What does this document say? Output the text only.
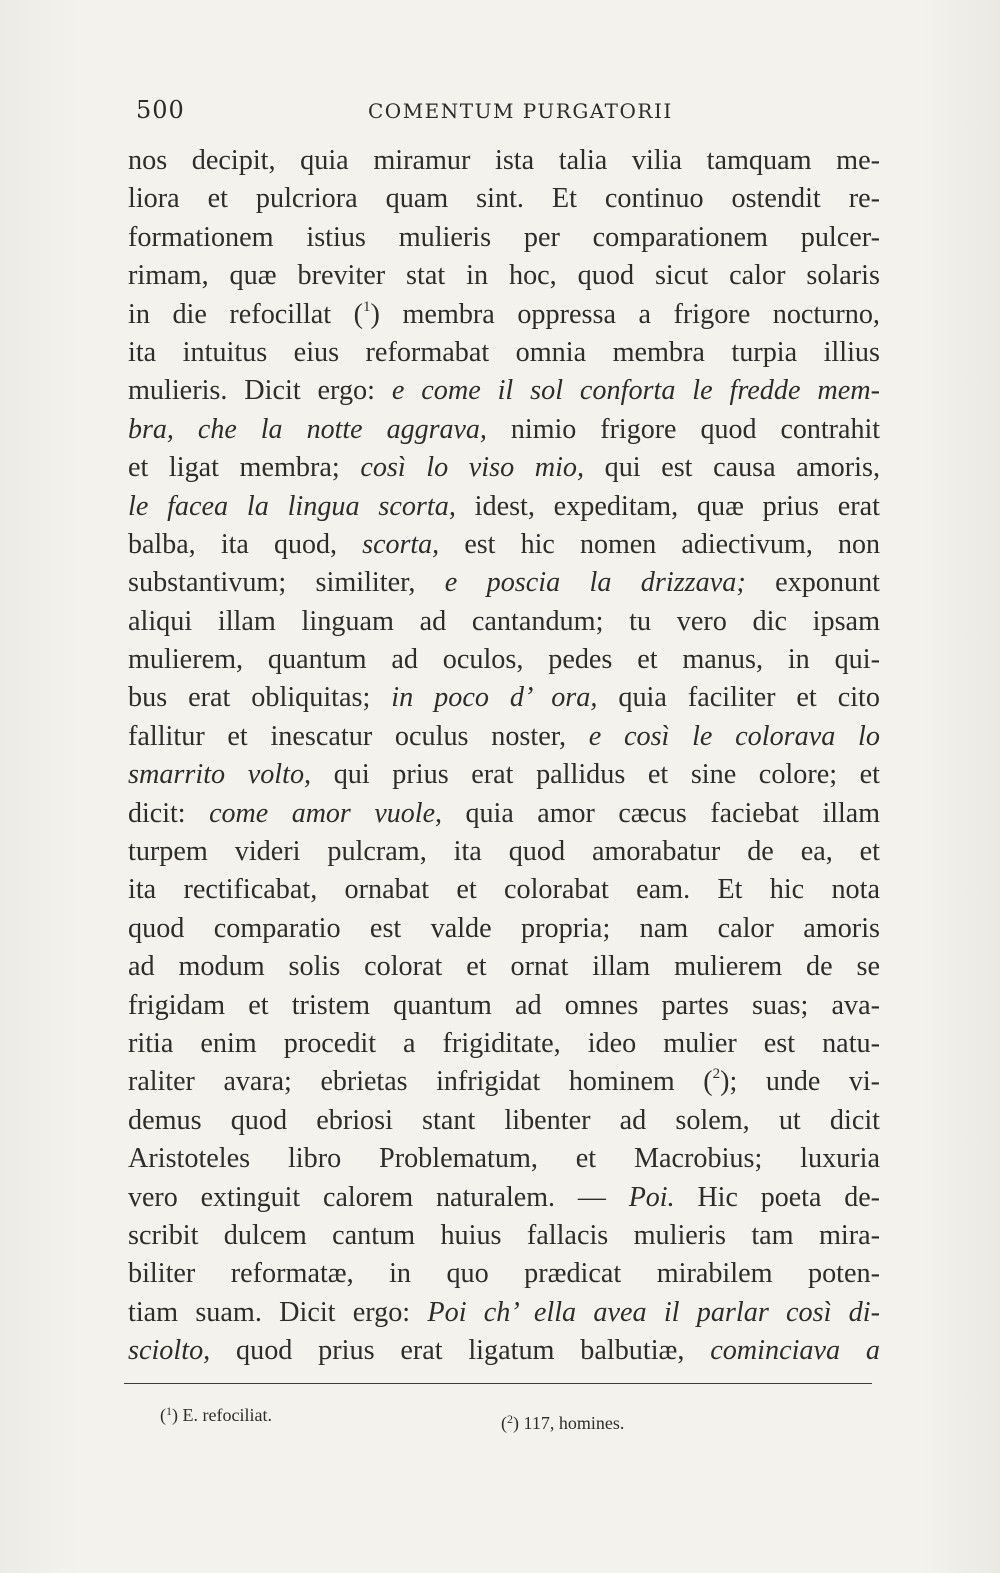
500	COMENTUM PURGATORII
nos decipit, quia miramur ista talia vilia tamquam me-
liora et pulcriora quam sint. Et continuo ostendit re-
formationem istius mulieris per comparationem pulcer-
rimam, quæ breviter stat in hoc, quod sicut calor solaris
in die refocillat ($^1$) membra oppressa a frigore nocturno,
ita intuitus eius reformabat omnia membra turpia illius
mulieris. Dicit ergo: e come il sol conforta le fredde mem-
bra, che la notte aggrava, nimio frigore quod contrahit
et ligat membra; così lo viso mio, qui est causa amoris,
le facea la lingua scorta, idest, expeditam, quæ prius erat
balba, ita quod, scorta, est hic nomen adiectivum, non
substantivum; similiter, e poscia la drizzava; exponunt
aliqui illam linguam ad cantandum; tu vero dic ipsam
mulierem, quantum ad oculos, pedes et manus, in qui-
bus erat obliquitas; in poco d’ ora, quia faciliter et cito
fallitur et inescatur oculus noster, e così le colorava lo
smarrito volto, qui prius erat pallidus et sine colore; et
dicit: come amor vuole, quia amor cæcus faciebat illam
turpem videri pulcram, ita quod amorabatur de ea, et
ita rectificabat, ornabat et colorabat eam. Et hic nota
quod comparatio est valde propria; nam calor amoris
ad modum solis colorat et ornat illam mulierem de se
frigidam et tristem quantum ad omnes partes suas; ava-
ritia enim procedit a frigiditate, ideo mulier est natu-
raliter avara; ebrietas infrigidat hominem ($^2$); unde vi-
demus quod ebriosi stant libenter ad solem, ut dicit
Aristoteles libro Problematum, et Macrobius; luxuria
vero extinguit calorem naturalem. — Poi. Hic poeta de-
scribit dulcem cantum huius fallacis mulieris tam mira-
biliter reformatæ, in quo prædicat mirabilem poten-
tiam suam. Dicit ergo: Poi ch’ ella avea il parlar così di-
sciolto, quod prius erat ligatum balbutiæ, cominciava a
($^1$) E. refociliat.	($^2$) 117, homines.
